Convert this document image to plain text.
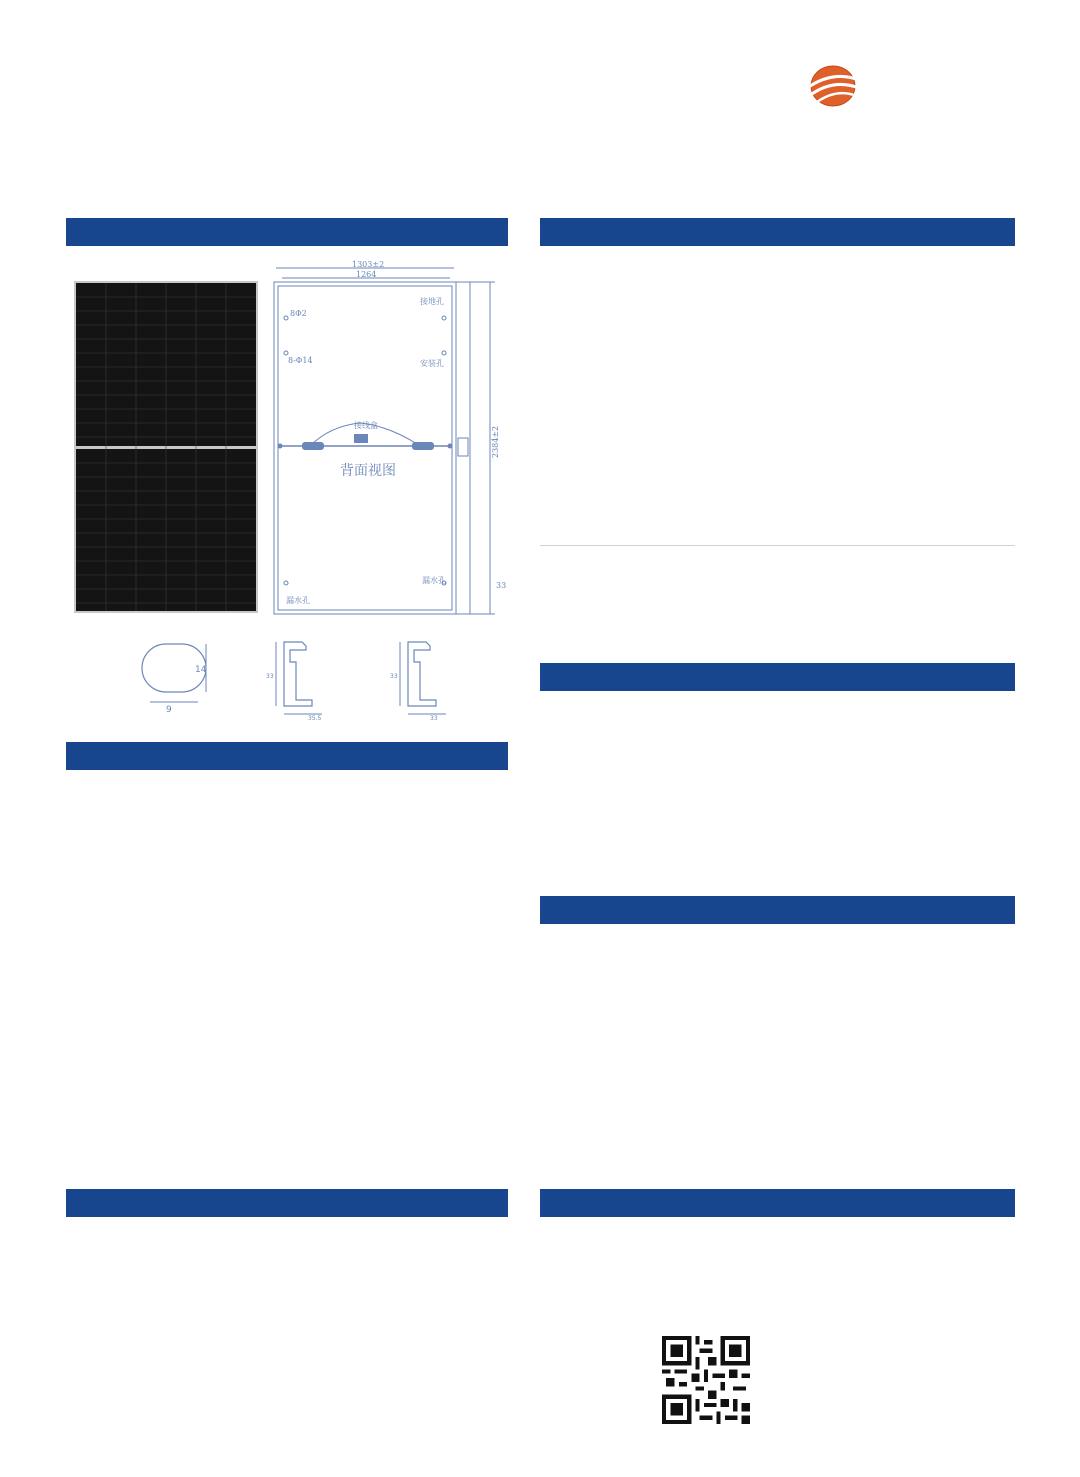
1303±2
1264
8Φ2
8-Φ14
接地孔
安装孔
接线盒
漏水孔
漏水孔
33
2384±2
背面视图
14
9
33
35.5
33
33
